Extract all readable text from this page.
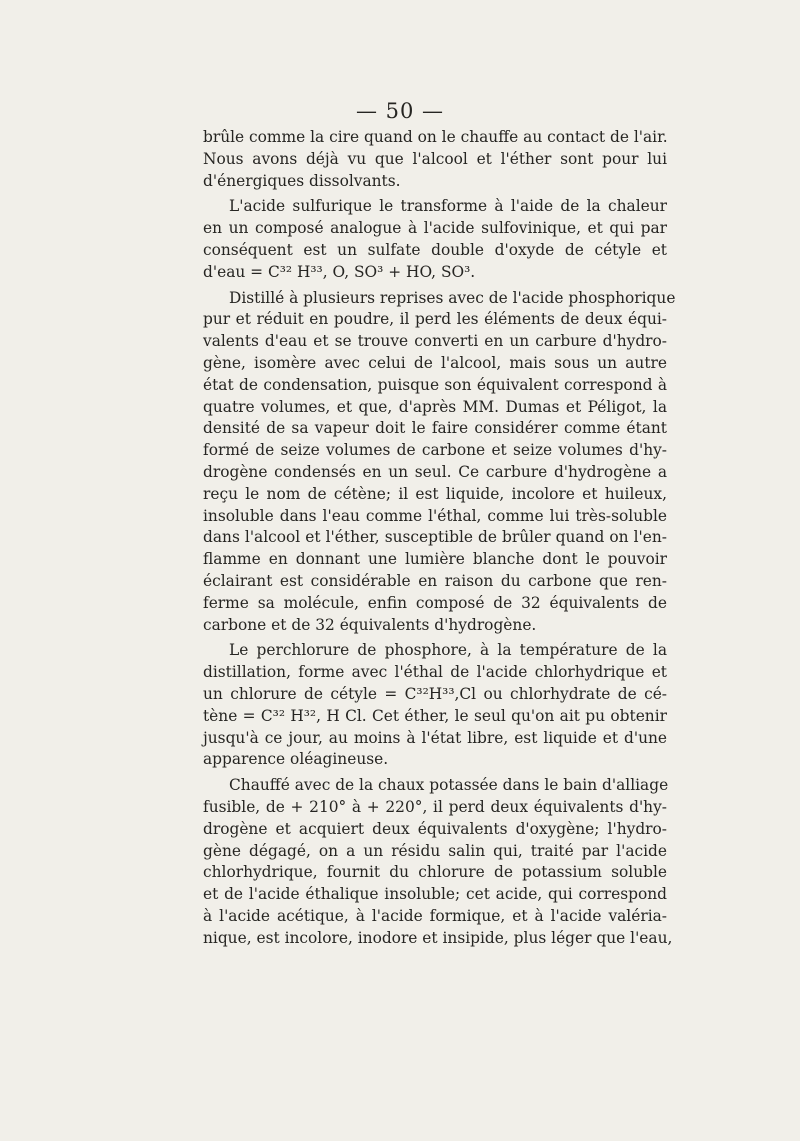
— 50 —
brûle comme la cire quand on le chauffe au contact de l'air.
Nous avons déjà vu que l'alcool et l'éther sont pour lui
d'énergiques dissolvants.
L'acide sulfurique le transforme à l'aide de la chaleur
en un composé analogue à l'acide sulfovinique, et qui par
conséquent est un sulfate double d'oxyde de cétyle et
d'eau = C³² H³³, O, SO³ + HO, SO³.
Distillé à plusieurs reprises avec de l'acide phosphorique
pur et réduit en poudre, il perd les éléments de deux équi-
valents d'eau et se trouve converti en un carbure d'hydro-
gène, isomère avec celui de l'alcool, mais sous un autre
état de condensation, puisque son équivalent correspond à
quatre volumes, et que, d'après MM. Dumas et Péligot, la
densité de sa vapeur doit le faire considérer comme étant
formé de seize volumes de carbone et seize volumes d'hy-
drogène condensés en un seul. Ce carbure d'hydrogène a
reçu le nom de cétène; il est liquide, incolore et huileux,
insoluble dans l'eau comme l'éthal, comme lui très-soluble
dans l'alcool et l'éther, susceptible de brûler quand on l'en-
flamme en donnant une lumière blanche dont le pouvoir
éclairant est considérable en raison du carbone que ren-
ferme sa molécule, enfin composé de 32 équivalents de
carbone et de 32 équivalents d'hydrogène.
Le perchlorure de phosphore, à la température de la
distillation, forme avec l'éthal de l'acide chlorhydrique et
un chlorure de cétyle = C³²H³³,Cl ou chlorhydrate de cé-
tène = C³² H³², H Cl. Cet éther, le seul qu'on ait pu obtenir
jusqu'à ce jour, au moins à l'état libre, est liquide et d'une
apparence oléagineuse.
Chauffé avec de la chaux potassée dans le bain d'alliage
fusible, de + 210° à + 220°, il perd deux équivalents d'hy-
drogène et acquiert deux équivalents d'oxygène; l'hydro-
gène dégagé, on a un résidu salin qui, traité par l'acide
chlorhydrique, fournit du chlorure de potassium soluble
et de l'acide éthalique insoluble; cet acide, qui correspond
à l'acide acétique, à l'acide formique, et à l'acide valéria-
nique, est incolore, inodore et insipide, plus léger que l'eau,
